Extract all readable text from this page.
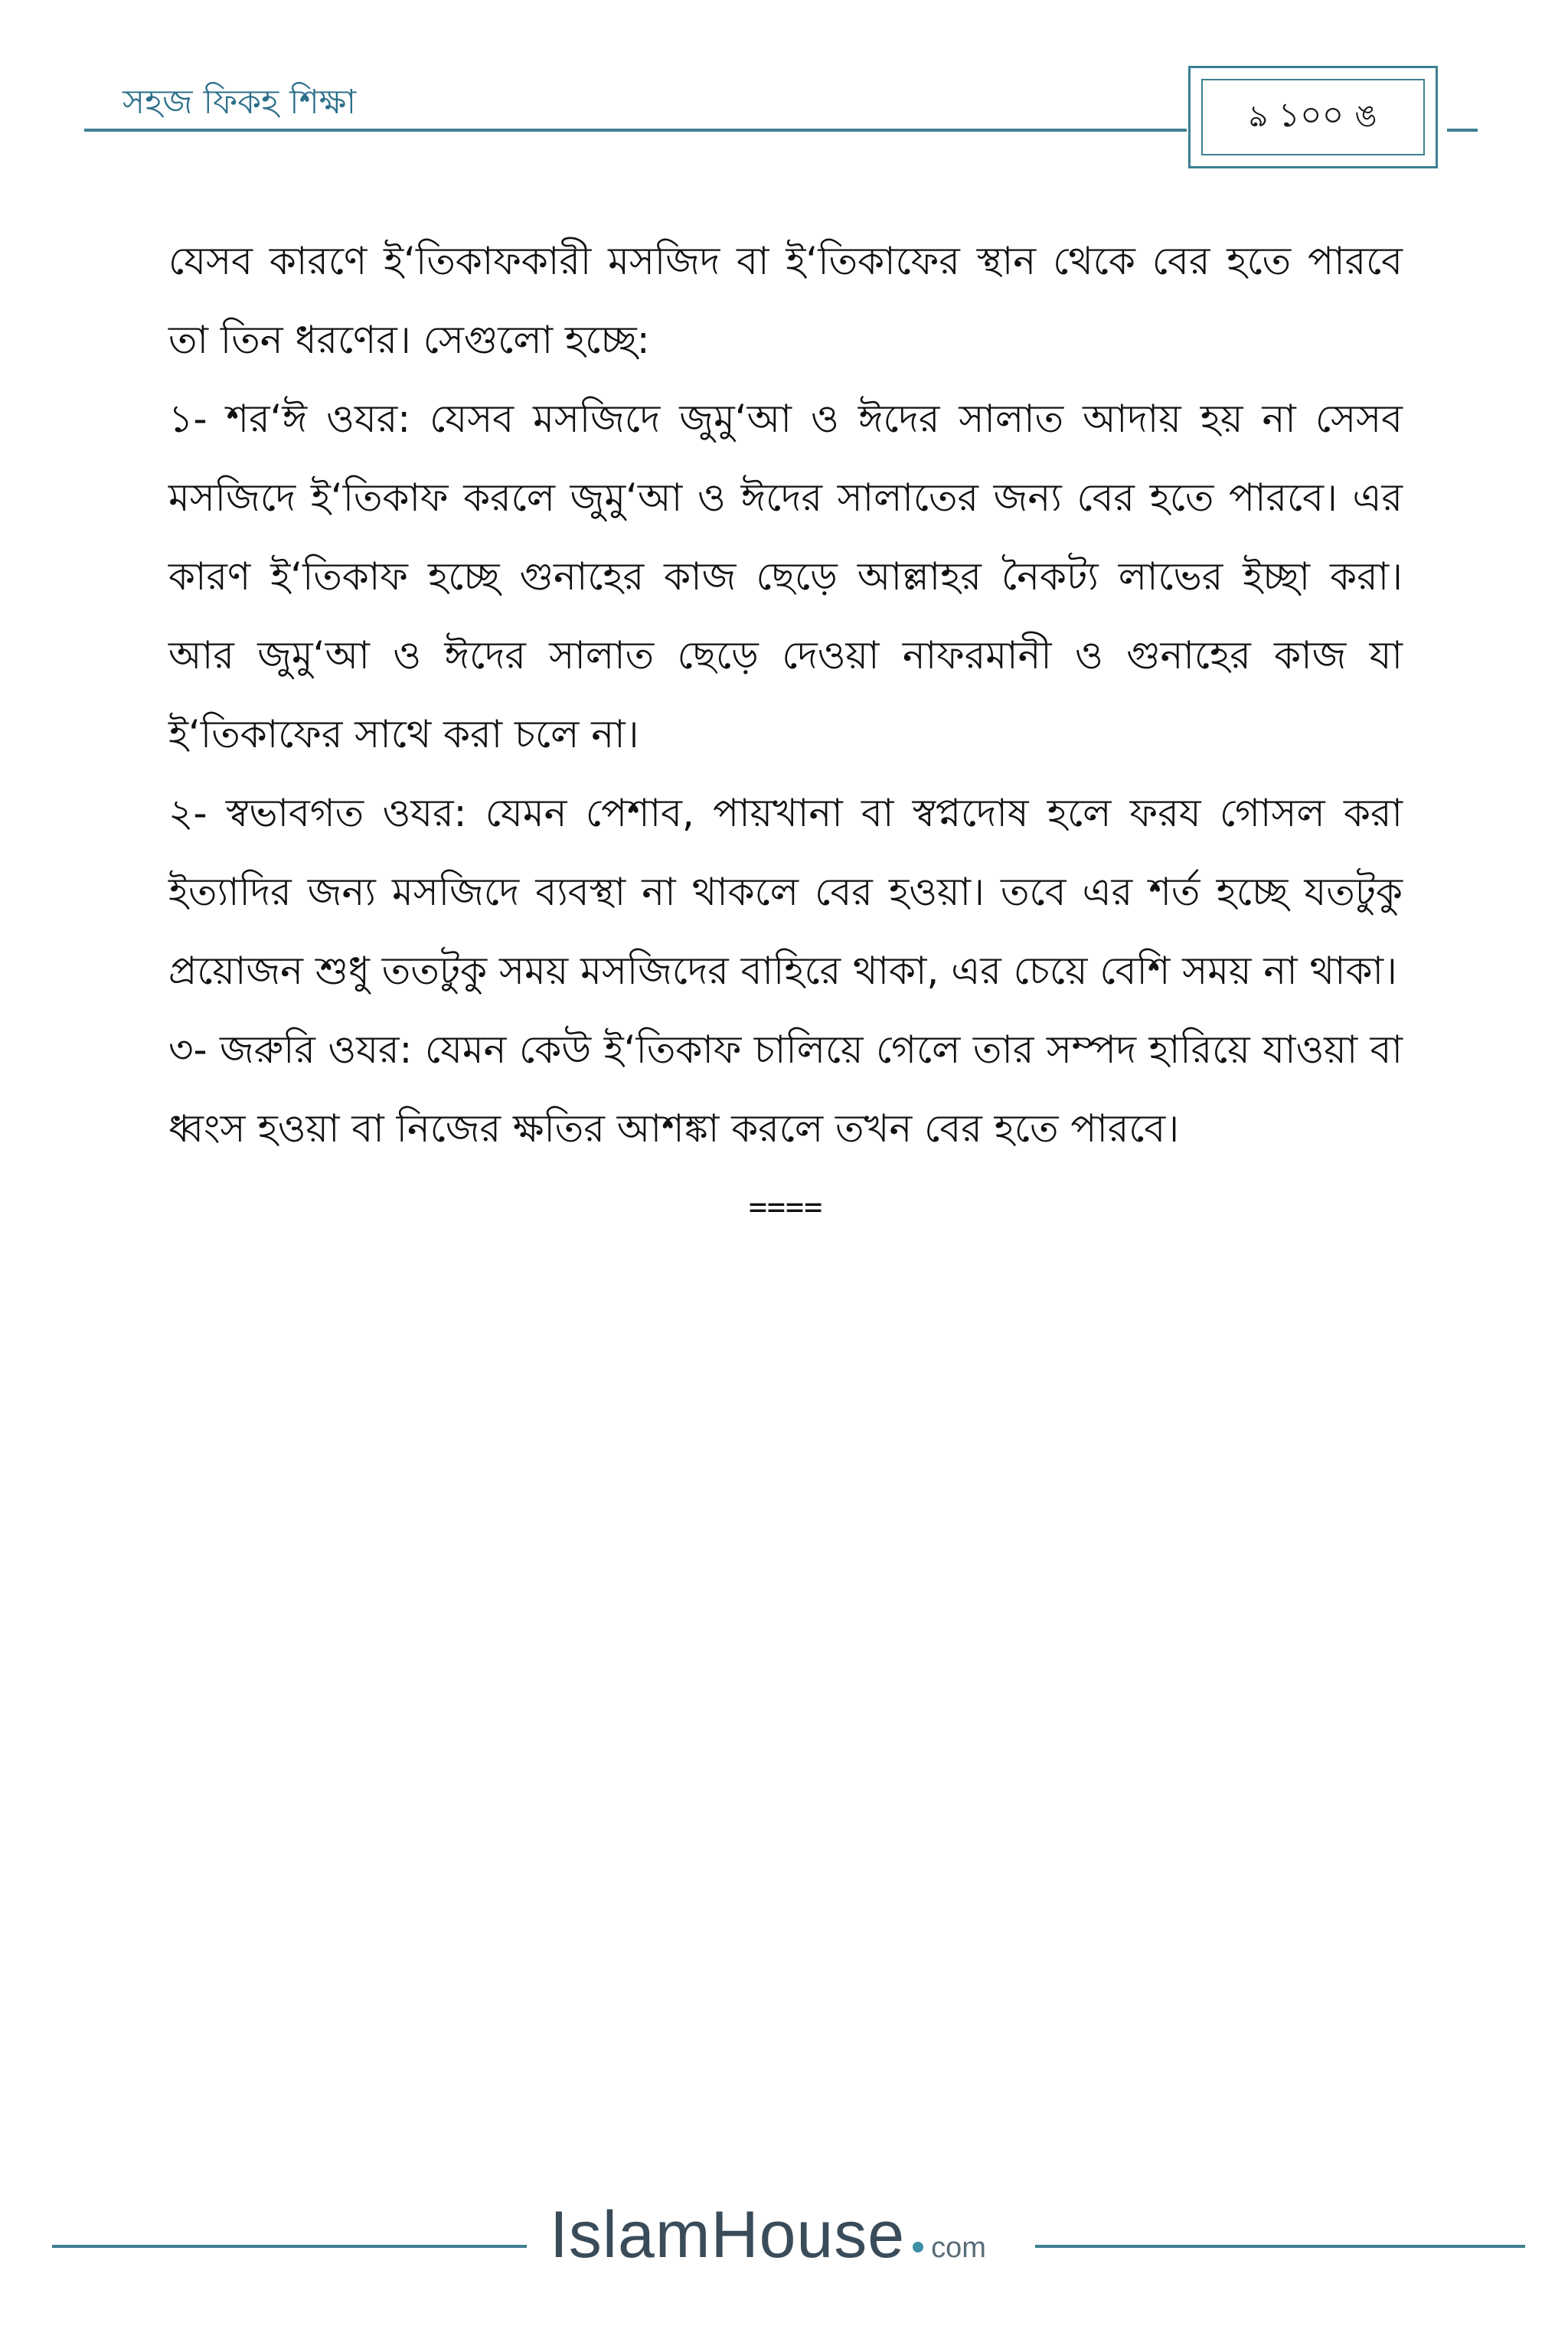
সহজ ফিকহ শিক্ষা	ঌ ১০০ ঙ

যেসব কারণে ই‘তিকাফকারী মসজিদ বা ই‘তিকাফের স্থান থেকে বের হতে পারবে তা তিন ধরণের। সেগুলো হচ্ছে:

১- শর‘ঈ ওযর: যেসব মসজিদে জুমু‘আ ও ঈদের সালাত আদায় হয় না সেসব মসজিদে ই‘তিকাফ করলে জুমু‘আ ও ঈদের সালাতের জন্য বের হতে পারবে। এর কারণ ই‘তিকাফ হচ্ছে গুনাহের কাজ ছেড়ে আল্লাহর নৈকট্য লাভের ইচ্ছা করা। আর জুমু‘আ ও ঈদের সালাত ছেড়ে দেওয়া নাফরমানী ও গুনাহের কাজ যা ই‘তিকাফের সাথে করা চলে না।

২- স্বভাবগত ওযর: যেমন পেশাব, পায়খানা বা স্বপ্নদোষ হলে ফরয গোসল করা ইত্যাদির জন্য মসজিদে ব্যবস্থা না থাকলে বের হওয়া। তবে এর শর্ত হচ্ছে যতটুকু প্রয়োজন শুধু ততটুকু সময় মসজিদের বাহিরে থাকা, এর চেয়ে বেশি সময় না থাকা।

৩- জরুরি ওযর: যেমন কেউ ই‘তিকাফ চালিয়ে গেলে তার সম্পদ হারিয়ে যাওয়া বা ধ্বংস হওয়া বা নিজের ক্ষতির আশঙ্কা করলে তখন বের হতে পারবে।

====

IslamHouse com
